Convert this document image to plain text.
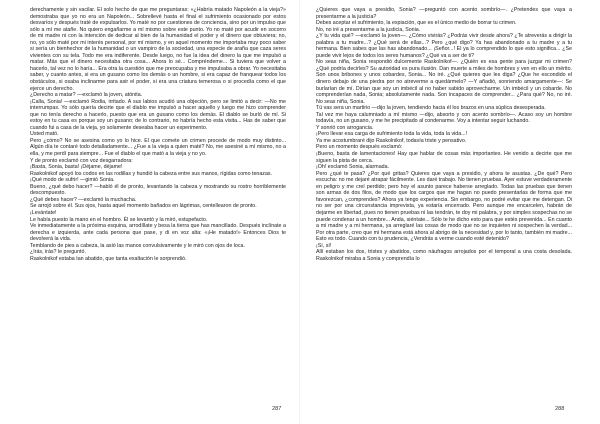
derechamente y sin vacilar. Él solo hecho de que me preguntaras: «¿Habría matado Napoleón a la vieja?» demostraba que yo no era un Napoleón... Sobrellevé hasta el final el sufrimiento ocasionado por estos desvaríos y después traté de expulsarlos. Yo maté no por cuestiones de conciencia, sino por un impulso que sólo a mí me atañe. No quiero engañarme a mí mismo sobre este punto. Yo no maté por acudir en socorro de mi madre ni con la intención de dedicar al bien de la humanidad el poder y el dinero que obtuviera; no, no, yo sólo maté por mi interés personal, por mí mismo, y en aquel momento me importaba muy poco saber si sería un bienhechor de la humanidad o un vampiro de la sociedad, una especie de araña que caza seres vivientes con su tela. Todo me era indiferente. Desde luego, no fue la idea del dinero la que me impulsó a matar. Más que el dinero necesitaba otra cosa... Ahora lo sé... Compréndeme... Si tuviera que volver a hacerlo, tal vez no lo haría... Era otra la cuestión que me preocupaba y me impulsaba a obrar. Yo necesitaba saber, y cuanto antes, si era un gusano como los demás o un hombre, si era capaz de franquear todos los obstáculos, si osaba inclinarme para asir el poder, si era una criatura temerosa o si procedía como el que ejerce un derecho.

¿Derecho a matar? —exclamó la joven, atónita.

¡Calla, Sonia! —exclamó Rodia, irritado. A sus labios acudió una objeción, pero se limitó a decir: —No me interrumpas. Yo sólo quería decirte que el diablo me impulsó a hacer aquello y luego me hizo comprender que no tenía derecho a hacerlo, puesto que era un gusano como los demás. El diablo se burló de mí. Si estoy en tu casa es porque soy un gusano; de lo contrario, no habría hecho esta visita... Has de saber que cuando fui a casa de la vieja, yo solamente deseaba hacer un experimento.

Usted mató.

Pero ¿cómo? No se asesina como yo lo hice. El que comete un crimen procede de modo muy distinto... Algún día te contaré todo detalladamente... ¿Fue a la vieja a quien maté? No, me asesiné a mí mismo, no a ella, y me perdí para siempre... Fue el diablo el que mató a la vieja y no yo.

Y de pronto exclamó con voz desgarradora:

¡Basta, Sonia, basta! ¡Déjame, déjame!

Raskolnikof apoyó los codos en las rodillas y hundió la cabeza entre sus manos, rígidas como tenazas.

¡Qué modo de sufrir! —gimió Sonia.

Bueno, ¿qué debo hacer? —habló él de pronto, levantando la cabeza y mostrando su rostro horriblemente descompuesto.

¿Qué debes hacer? —exclamó la muchacha.

Se arrojó sobre él. Sus ojos, hasta aquel momento bañados en lágrimas, centellearon de pronto.

¡Levántate!

Le había puesto la mano en el hombro. Él se levantó y la miró, estupefacto.

Ve inmediatamente a la próxima esquina, arrodíllate y besa la tierra que has mancillado. Después inclínate a derecha e izquierda, ante cada persona que pase, y di en voz alta: «¡He matado!» Entonces Dios te devolverá la vida.

Temblando de pies a cabeza, la asió las manos convulsivamente y le miró con ojos de loca.

¿Irás, irás? le preguntó.

Raskolnikof estaba tan abatido, que tanta exaltación le sorprendió.

287

¿Quieres que vaya a presidio, Sonia? —preguntó con acento sombrío—. ¿Pretendes que vaya a presentarme a la justicia?

Debes aceptar el sufrimiento, la expiación, que es el único medio de borrar tu crimen.

No, no iré a presentarme a la justicia, Sonia.

¿Y tu vida qué? —exclamó la joven—. ¿Cómo vivirás? ¿Podrás vivir desde ahora? ¿Te atreverás a dirigir la palabra a tu madre...? ¿Qué será de ellas...? Pero ¿qué digo? Ya has abandonado a tu madre y a tu hermana. Bien sabes que las has abandonado... ¡Señor...! El ya lo comprendido lo que esto significa... ¿Se puede vivir lejos de todos los seres humanos? ¿Qué va a ser de ti?

No seas niña, Sonia respondió dulcemente Raskolnikof—. ¿Quién es esa gente para juzgar mi crimen? ¿Qué podría decirles? Su autoridad es pura ilusión. Dan muerte a miles de hombres y ven en ello un mérito. Son unos bribones y unos cobardes, Sonia... No iré. ¿Qué quieres que les diga? ¿Que he escondido el dinero debajo de una piedra por no atreverme a quedármelo? —Y añadió, sonriendo amargamente—: Se burlarían de mí. Dirían que soy un imbécil al no haber sabido aprovecharme. Un imbécil y un cobarde. No comprenderían nada, Sonia; absolutamente nada. Son incapaces de comprender... ¿Para qué? No, no iré. No seas niña, Sonia.

Tú vas sera un martirio —dijo la joven, tendiendo hacia él los brazos en una súplica desesperada.

Tal vez me haya calumniado a mí mismo —dijo, absorto y con acento sombrío—. Acaso soy un hombre todavía, no un gusano, y me he precipitado al condenarme. Voy a intentar seguir luchando.

Y sonrió con arrogancia.

¡Pero llevar esa carga de sufrimiento toda la vida, toda la vida...!

Ya me acostumbraré dijo Raskolnikof, todavía triste y pensativo.

Pero un momento después exclamó:

¡Bueno, basta de lamentaciones! Hay que hablar de cosas más importantes. He venido a decirte que me siguen la pista de cerca.

¡Oh! exclamó Sonia, alarmada.

Pero ¿qué te pasa? ¿Por qué gritas? Quieres que vaya a presidio, y ahora te asustas. ¿De qué? Pero escucha: no me dejaré atrapar fácilmente. Les daré trabajo. No tienen pruebas. Ayer estuve verdaderamente en peligro y me creí perdido; pero hoy el asunto parece haberse arreglado. Todas las pruebas que tienen son armas de dos filos, de modo que los cargos que me hagan no puedo presentarlas de forma que me favorezcan, ¿comprendes? Ahora ya tengo experiencia. Sin embargo, no podré evitar que me detengan. Di no ser por una circunstancia imprevista, ya estaría encerrado. Pero aunque me encarcelen, habrán de dejarme en libertad, pues no tienen pruebas ni las tendrán, te doy mi palabra, y por simples sospechas no se puede condenar a un hombre... Anda, siéntate... Sólo te he dicho esto para que estés prevenida... En cuanto a mi madre y a mi hermana, ya arreglaré las cosas de modo que no se inquieten ni sospechen la verdad... Por otra parte, creo que mi hermana está ahora al abrigo de la necesidad y, por lo tanto, también mi madre... Esto es todo. Cuando con tu prudencia, ¿Vendrás a verme cuando esté detenido?

¡Sí, sí!

Allí estaban los dos, tristes y abatidos, como náufragos arrojados por el temporal a una costa desolada. Raskolnikof miraba a Sonia y comprendía lo

288
